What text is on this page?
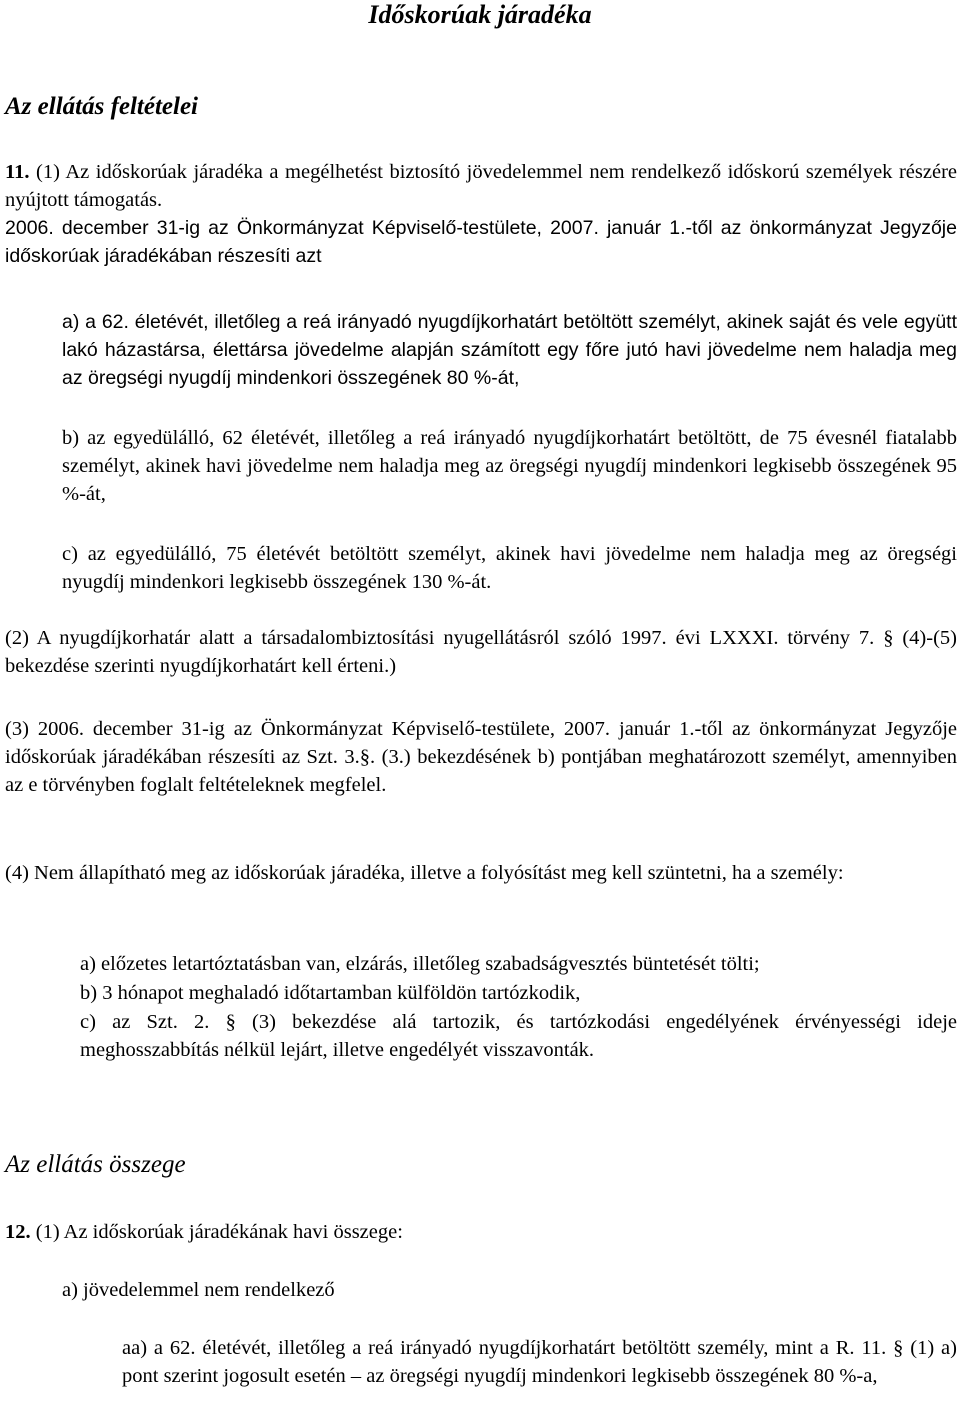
Időskorúak járadéka
Az ellátás feltételei

11. (1) Az időskorúak járadéka a megélhetést biztosító jövedelemmel nem rendelkező időskorú személyek részére nyújtott támogatás.

2006. december 31-ig az Önkormányzat Képviselő-testülete, 2007. január 1.-től az önkormányzat Jegyzője időskorúak járadékában részesíti azt

a) a 62. életévét, illetőleg a reá irányadó nyugdíjkorhatárt betöltött személyt, akinek saját és vele együtt lakó házastársa, élettársa jövedelme alapján számított egy főre jutó havi jövedelme nem haladja meg az öregségi nyugdíj mindenkori összegének 80 %-át,

b) az egyedülálló, 62 életévét, illetőleg a reá irányadó nyugdíjkorhatárt betöltött, de 75 évesnél fiatalabb személyt, akinek havi jövedelme nem haladja meg az öregségi nyugdíj mindenkori legkisebb összegének 95 %-át,

c) az egyedülálló, 75 életévét betöltött személyt, akinek havi jövedelme nem haladja meg az öregségi nyugdíj mindenkori legkisebb összegének 130 %-át.

(2) A nyugdíjkorhatár alatt a társadalombiztosítási nyugellátásról szóló 1997. évi LXXXI. törvény 7. § (4)-(5) bekezdése szerinti nyugdíjkorhatárt kell érteni.)

(3) 2006. december 31-ig az Önkormányzat Képviselő-testülete, 2007. január 1.-től az önkormányzat Jegyzője időskorúak járadékában részesíti az Szt. 3.§. (3.) bekezdésének b) pontjában meghatározott személyt, amennyiben az e törvényben foglalt feltételeknek megfelel.

(4) Nem állapítható meg az időskorúak járadéka, illetve a folyósítást meg kell szüntetni, ha a személy:

a) előzetes letartóztatásban van, elzárás, illetőleg szabadságvesztés büntetését tölti;

b) 3 hónapot meghaladó időtartamban külföldön tartózkodik,

c) az Szt. 2. § (3) bekezdése alá tartozik, és tartózkodási engedélyének érvényességi ideje meghosszabbítás nélkül lejárt, illetve engedélyét visszavonták.

Az ellátás összege

12. (1) Az időskorúak járadékának havi összege:

a) jövedelemmel nem rendelkező

aa) a 62. életévét, illetőleg a reá irányadó nyugdíjkorhatárt betöltött személy, mint a R. 11. § (1) a) pont szerint jogosult esetén – az öregségi nyugdíj mindenkori legkisebb összegének 80 %-a,
